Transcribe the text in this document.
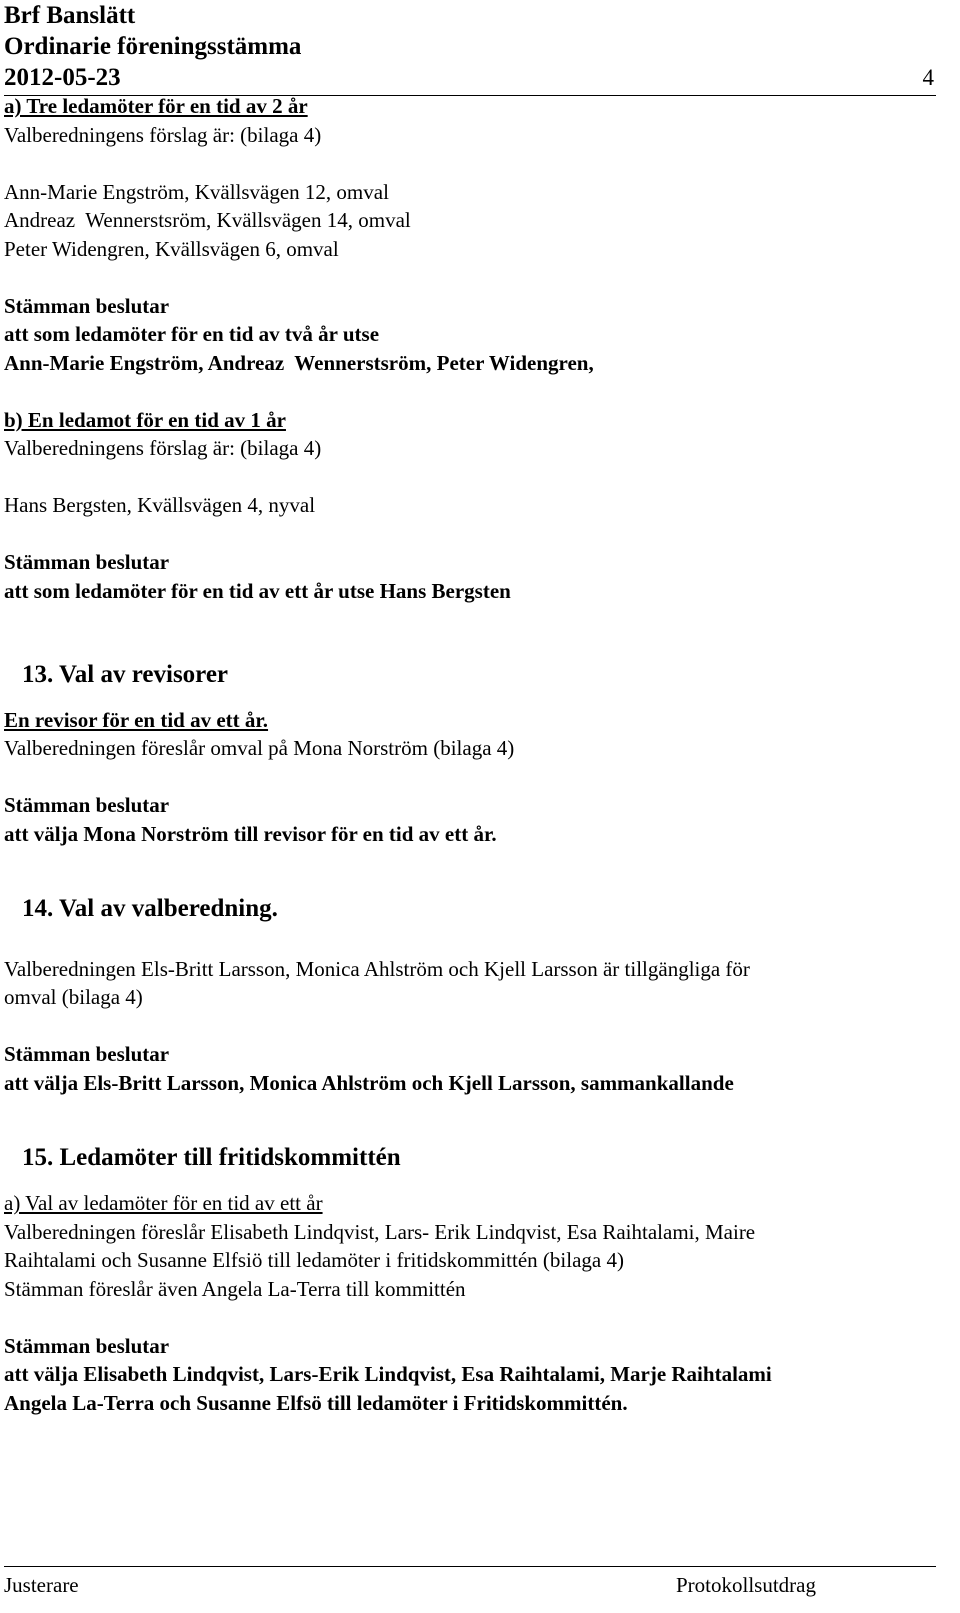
Brf Banslätt
Ordinarie föreningsstämma
2012-05-23	4
a) Tre ledamöter för en tid av 2 år
Valberedningens förslag är: (bilaga 4)
Ann-Marie Engström, Kvällsvägen 12, omval
Andreaz  Wennerstsröm, Kvällsvägen 14, omval
Peter Widengren, Kvällsvägen 6, omval
Stämman beslutar
att som ledamöter för en tid av två år utse
Ann-Marie Engström, Andreaz  Wennerstsröm, Peter Widengren,
b) En ledamot för en tid av 1 år
Valberedningens förslag är: (bilaga 4)
Hans Bergsten, Kvällsvägen 4, nyval
Stämman beslutar
att som ledamöter för en tid av ett år utse Hans Bergsten
13. Val av revisorer
En revisor för en tid av ett år.
Valberedningen föreslår omval på Mona Norström (bilaga 4)
Stämman beslutar
att välja Mona Norström till revisor för en tid av ett år.
14. Val av valberedning.
Valberedningen Els-Britt Larsson, Monica Ahlström och Kjell Larsson är tillgängliga för
omval (bilaga 4)
Stämman beslutar
att välja Els-Britt Larsson, Monica Ahlström och Kjell Larsson, sammankallande
15. Ledamöter till fritidskommittén
a) Val av ledamöter för en tid av ett år
Valberedningen föreslår Elisabeth Lindqvist, Lars- Erik Lindqvist, Esa Raihtalami, Maire
Raihtalami och Susanne Elfsiö till ledamöter i fritidskommittén (bilaga 4)
Stämman föreslår även Angela La-Terra till kommittén
Stämman beslutar
att välja Elisabeth Lindqvist, Lars-Erik Lindqvist, Esa Raihtalami, Marje Raihtalami
Angela La-Terra och Susanne Elfsö till ledamöter i Fritidskommittén.
Justerare	Protokollsutdrag
